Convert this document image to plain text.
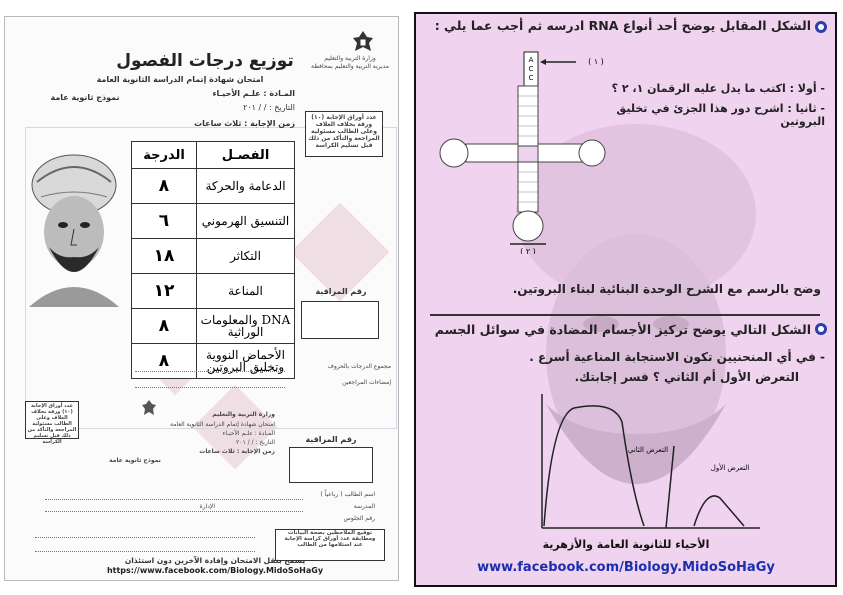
وزارة التربية والتعليم
مديرية التربية والتعليم بمحافظة
توزيع درجات الفصول
امتحان شهادة إتمام الدراسة الثانوية العامة
المـادة : علـم الأحيـاء
التاريخ : / / ٢٠١
زمن الإجابة : ثلاث ساعات
نموذج ثانوية عامة
عدد أوراق الإجابة (١٠) ورقة بخلاف الغلاف وعلى الطالب مسئولية المراجعة والتأكد من ذلك قبل تسليم الكراسة
الدرجة	الفصـل
٨	الدعامة والحركة
٦	التنسيق الهرموني
١٨	التكاثر
١٢	المناعة
٨	DNA والمعلومات الوراثية
٨	الأحماض النووية وتخليق البروتين
رقم المراقبة
مجموع الدرجات بالحروف
إمضاءات المراجعين
عدد أوراق الإجابة (١٠) ورقة بخلاف الغلاف وعلى الطالب مسئولية المراجعة والتأكد من ذلك قبل تسليم الكراسة
وزارة التربية والتعليم
امتحان شهادة إتمام الدراسة الثانوية العامة
المـادة : علـم الأحيـاء
التاريخ : / / ٢٠١
زمن الإجابة : ثلاث ساعات
نموذج ثانوية عامة
رقم المراقبة
اسم الطالب ( رباعياً )
المدرسة
رقم الجلوس
الإدارة
توقيع الملاحظين بصحة البيانات
ومطابقة عدد أوراق كراسة الإجابة
عند استلامها من الطالب
يسمح بنقل الامتحان وإفادة الآخرين دون استئذان
https://www.facebook.com/Biology.MidoSoHaGy
الشكل المقابل يوضح أحد أنواع RNA ادرسه ثم أجب عما يلي :
- أولا : اكتب ما يدل عليه الرقمان ١، ٢ ؟
- ثانيا : اشرح دور هذا الجزئ في تخليق البروتين
A
C
C
( ١ )
( ٢ )
وضح بالرسم مع الشرح الوحدة البنائية لبناء البروتين.
الشكل التالي يوضح تركيز الأجسام المضادة في سوائل الجسم
- في أي المنحنيين تكون الاستجابة المناعية أسرع .
التعرض الأول أم الثاني ؟ فسر إجابتك.
التعرض الثاني
التعرض الأول
الأحياء للثانوية العامة والأزهرية
www.facebook.com/Biology.MidoSoHaGy
